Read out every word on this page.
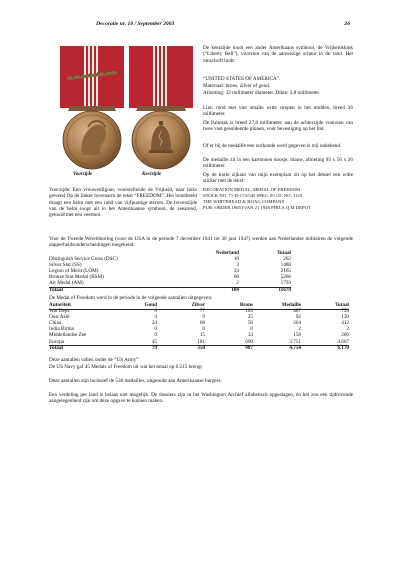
Decoratie nr. 10 / September 2003	26
Voorzijde	Keerzijde

De keerzijde toont een ander Amerikaans symbool, de Vrijheidsklok (“Liberty Bell”), voorzien van de aanwezige scheur in de rand. Het omschrift luidt:

“UNITED STATES OF AMERICA”.

Materiaal: brons, zilver of goud.

Afmeting: 32 millimeter diameter. Dikte: 3,8 millimeter.

Lint: rood met vier smalle witte strepen in het midden, breed 36 millimeter.

De Palmtak is breed 27,8 millimeter, aan de achterzijde voorzien van twee vast gesoldeerde pinnen, voor bevestiging op het lint.

Of er bij de medaille een oorkonde werd gegeven is mij onbekend.

De medaille zit in een kartonnen doosje, blauw, afmeting 93 x 56 x 26 millimeter.

Op de korte zijkant van mijn exemplaar zit op het deksel een witte sticker met de tekst:

DECORATION MEDAL, MEDAL OF FREEDOM

STOCK NO. 71-D-174-545 SPEC. P.O.D. NO. 1123

THE WHITEHEAD & HOAG COMPANY

PUR. ORDER 1965T-JAN 21 1946 PHILA Q M DEPOT

Voorzijde: Een vrouwenfiguur, voorstellende de Vrijheid, naar links gewend Op de linker bovenarm de tekst “FREEDOM”. Het borstbeeld draagt een helm met een rand van vijfpuntige sterren. De bovenzijde van de helm loopt uit in het Amerikaanse symbool, de zeearend, getooid met een veertooi.

Voor de Tweede Wereldoorlog (voor de USA in de periode 7 december 1941 tot 30 juni 1947) werden aan Nederlandse militairen de volgende dapperheidsonderscheidingen toegekend:

	Nederland	Totaal
Distinguish Service Cross (DSC)	10	262
Silver Star (SS)	3	1488
Legion of Merit (LOM)	33	2165
Bronze Star Medal (BSM)	66	5266
Air Medal (AM)	2	1793
Totaal	104	11678

De Medal of Freedom werd in de periode in de volgende aantallen uitgegeven:

Autoriteit	Goud	Zilver	Brons	Medaille	Totaal
War Dept.	6	77	183	487	753
Oost Azië	4	9	25	92	130
China	24	68	56	264	412
India Birma	0	0	0	2	2
Middellandse Zee	0	15	33	158	206
Europa	45	181	690	3.751	4.667
Totaal	79	350	987	4.754	6.170

Deze aantallen vallen onder de “US Army”

De US Navy gaf 45 Medals of Freedom uit wat het totaal op 6.215 brengt

Deze aantallen zijn inclusief de 536 medailles, uitgereikt aan Amerikaanse burgers.

Een verdeling per land is helaas niet mogelijk. De dossiers zijn in het Washington Archief alfabetisch opgeslagen, en het zou een tijdrovende aangelegenheid zijn om deze opgave te kunnen maken.
